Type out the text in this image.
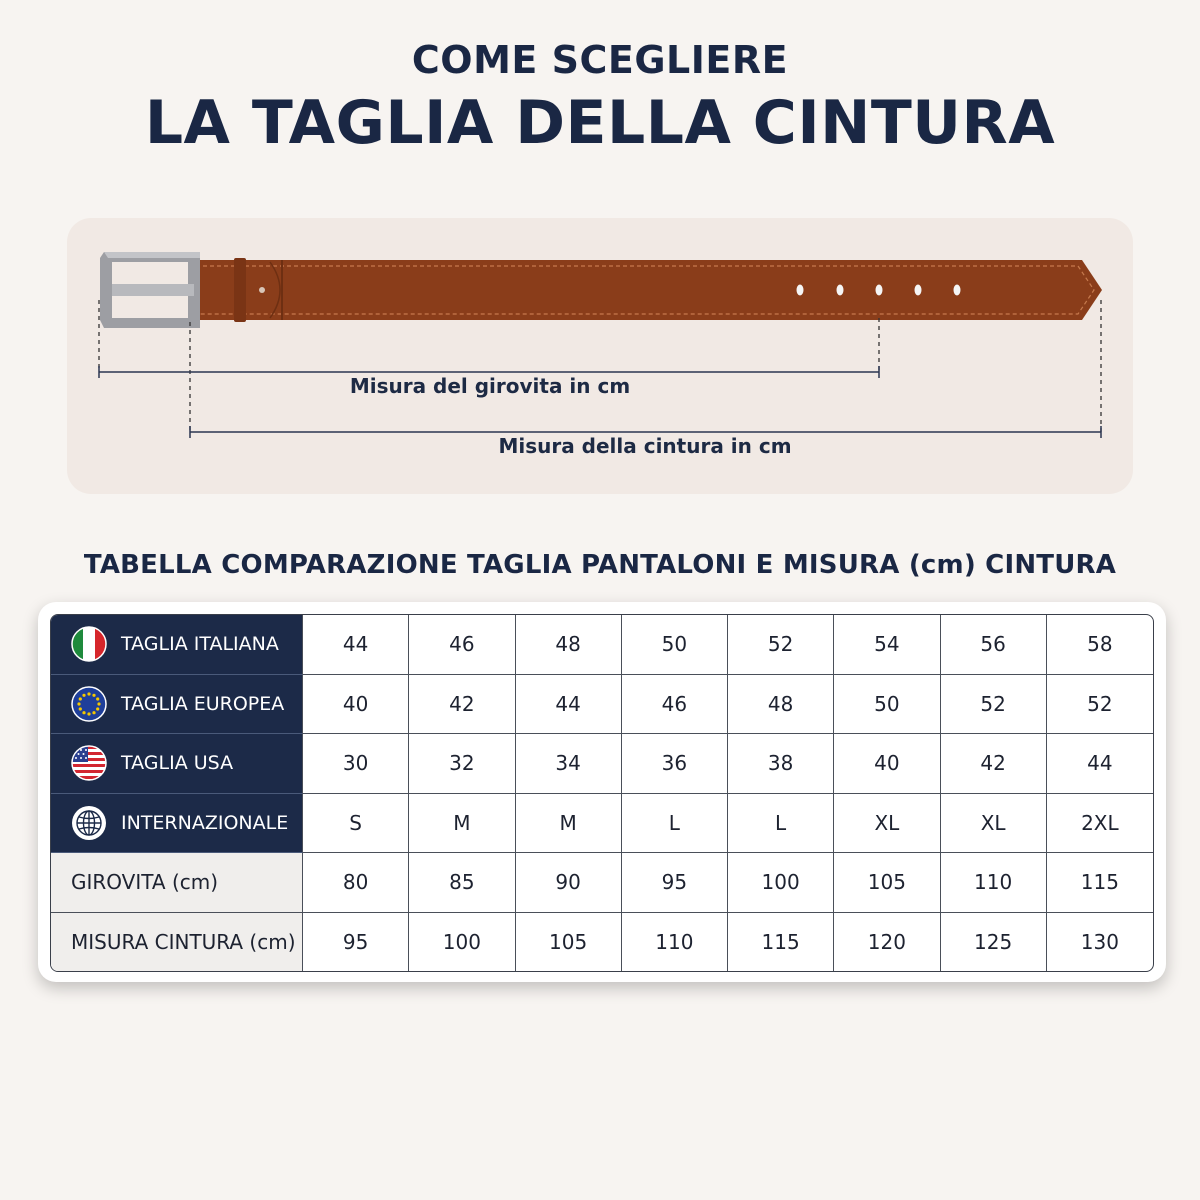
COME SCEGLIERE
LA TAGLIA DELLA CINTURA
Misura del girovita in cm
Misura della cintura in cm
TABELLA COMPARAZIONE TAGLIA PANTALONI E MISURA (cm) CINTURA
TAGLIA ITALIANA	44	46	48	50	52	54	56	58

TAGLIA EUROPEA	40	42	44	46	48	50	52	52

TAGLIA USA	30	32	34	36	38	40	42	44

INTERNAZIONALE	S	M	M	L	L	XL	XL	2XL
GIROVITA (cm)	80	85	90	95	100	105	110	115
MISURA CINTURA (cm)	95	100	105	110	115	120	125	130
